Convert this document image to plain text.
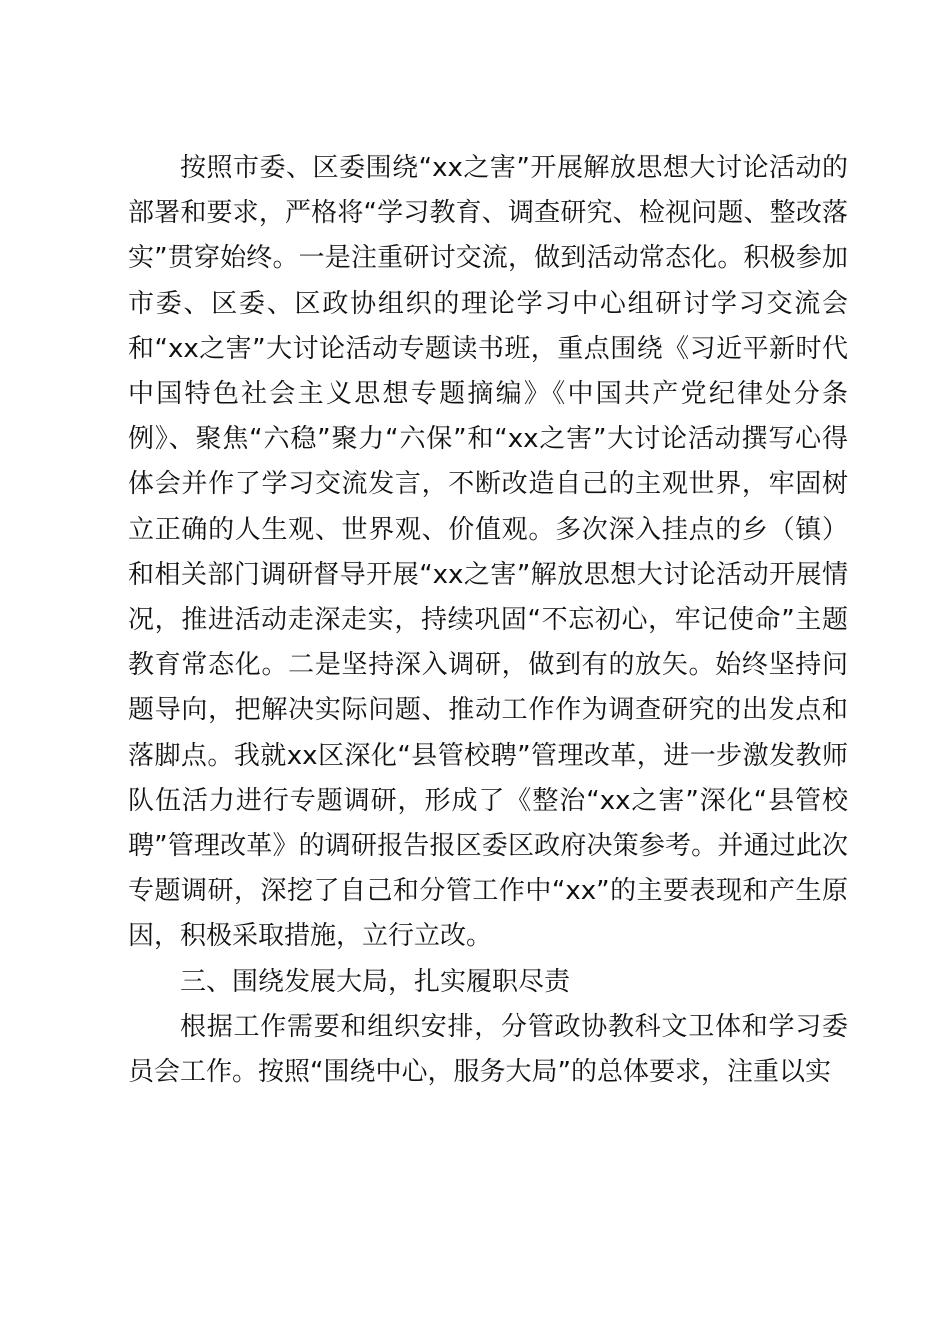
按照市委、区委围绕“xx之害”开展解放思想大讨论活动的部署和要求，严格将“学习教育、调查研究、检视问题、整改落实”贯穿始终。一是注重研讨交流，做到活动常态化。积极参加市委、区委、区政协组织的理论学习中心组研讨学习交流会和“xx之害”大讨论活动专题读书班，重点围绕《习近平新时代中国特色社会主义思想专题摘编》《中国共产党纪律处分条例》、聚焦“六稳”聚力“六保”和“xx之害”大讨论活动撰写心得体会并作了学习交流发言，不断改造自己的主观世界，牢固树立正确的人生观、世界观、价值观。多次深入挂点的乡（镇）和相关部门调研督导开展“xx之害”解放思想大讨论活动开展情况，推进活动走深走实，持续巩固“不忘初心，牢记使命”主题教育常态化。二是坚持深入调研，做到有的放矢。始终坚持问题导向，把解决实际问题、推动工作作为调查研究的出发点和落脚点。我就xx区深化“县管校聘”管理改革，进一步激发教师队伍活力进行专题调研，形成了《整治“xx之害”深化“县管校聘”管理改革》的调研报告报区委区政府决策参考。并通过此次专题调研，深挖了自己和分管工作中“xx”的主要表现和产生原因，积极采取措施，立行立改。

三、围绕发展大局，扎实履职尽责

根据工作需要和组织安排，分管政协教科文卫体和学习委员会工作。按照“围绕中心，服务大局”的总体要求，注重以实
